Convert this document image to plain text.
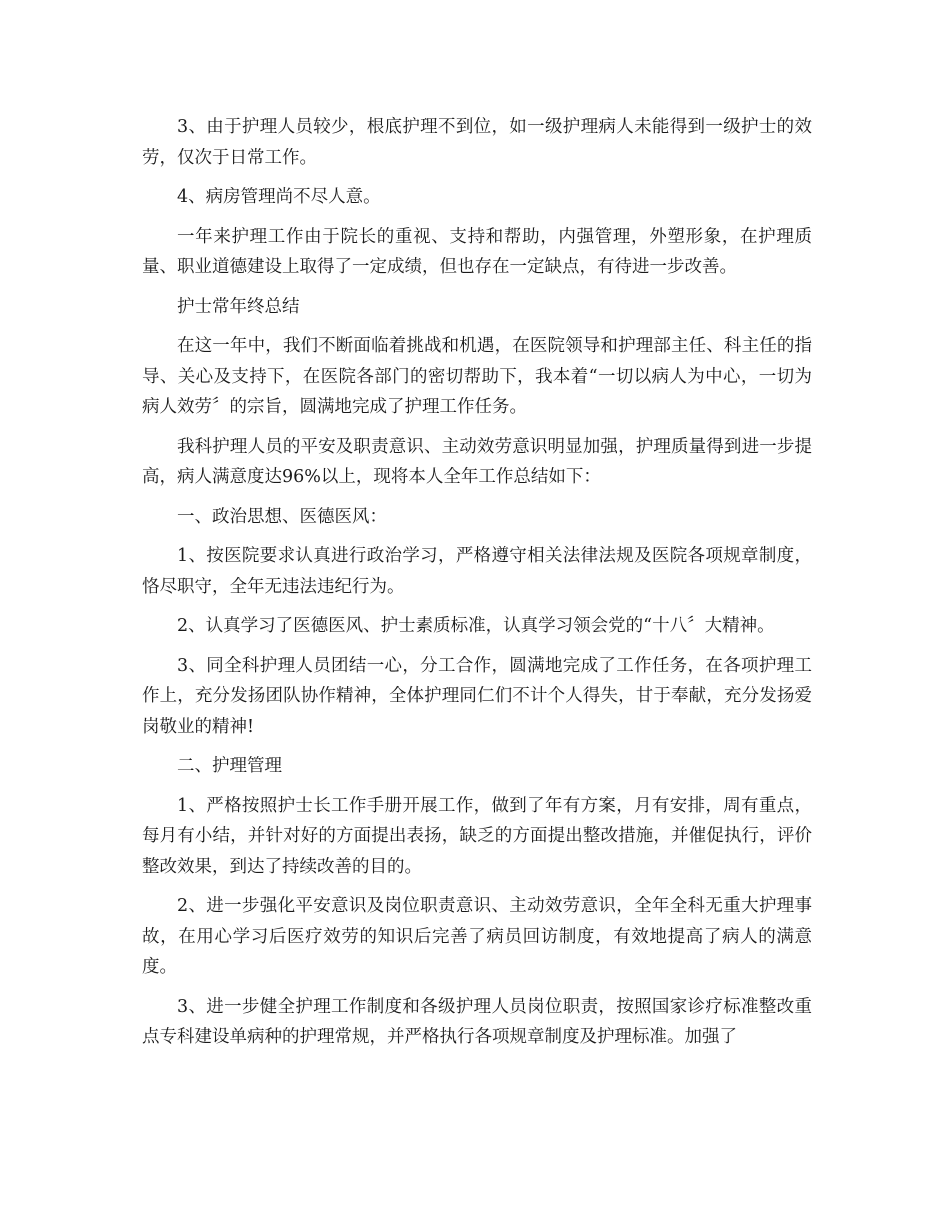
3、由于护理人员较少，根底护理不到位，如一级护理病人未能得到一级护士的效劳，仅次于日常工作。

4、病房管理尚不尽人意。

一年来护理工作由于院长的重视、支持和帮助，内强管理，外塑形象，在护理质量、职业道德建设上取得了一定成绩，但也存在一定缺点，有待进一步改善。

护士常年终总结

在这一年中，我们不断面临着挑战和机遇，在医院领导和护理部主任、科主任的指导、关心及支持下，在医院各部门的密切帮助下，我本着“一切以病人为中心，一切为病人效劳〞的宗旨，圆满地完成了护理工作任务。

我科护理人员的平安及职责意识、主动效劳意识明显加强，护理质量得到进一步提高，病人满意度达96%以上，现将本人全年工作总结如下：

一、政治思想、医德医风：

1、按医院要求认真进行政治学习，严格遵守相关法律法规及医院各项规章制度，恪尽职守，全年无违法违纪行为。

2、认真学习了医德医风、护士素质标准，认真学习领会党的“十八〞大精神。

3、同全科护理人员团结一心，分工合作，圆满地完成了工作任务，在各项护理工作上，充分发扬团队协作精神，全体护理同仁们不计个人得失，甘于奉献，充分发扬爱岗敬业的精神!

二、护理管理

1、严格按照护士长工作手册开展工作，做到了年有方案，月有安排，周有重点，每月有小结，并针对好的方面提出表扬，缺乏的方面提出整改措施，并催促执行，评价整改效果，到达了持续改善的目的。

2、进一步强化平安意识及岗位职责意识、主动效劳意识，全年全科无重大护理事故，在用心学习后医疗效劳的知识后完善了病员回访制度，有效地提高了病人的满意度。

3、进一步健全护理工作制度和各级护理人员岗位职责，按照国家诊疗标准整改重点专科建设单病种的护理常规，并严格执行各项规章制度及护理标准。加强了
